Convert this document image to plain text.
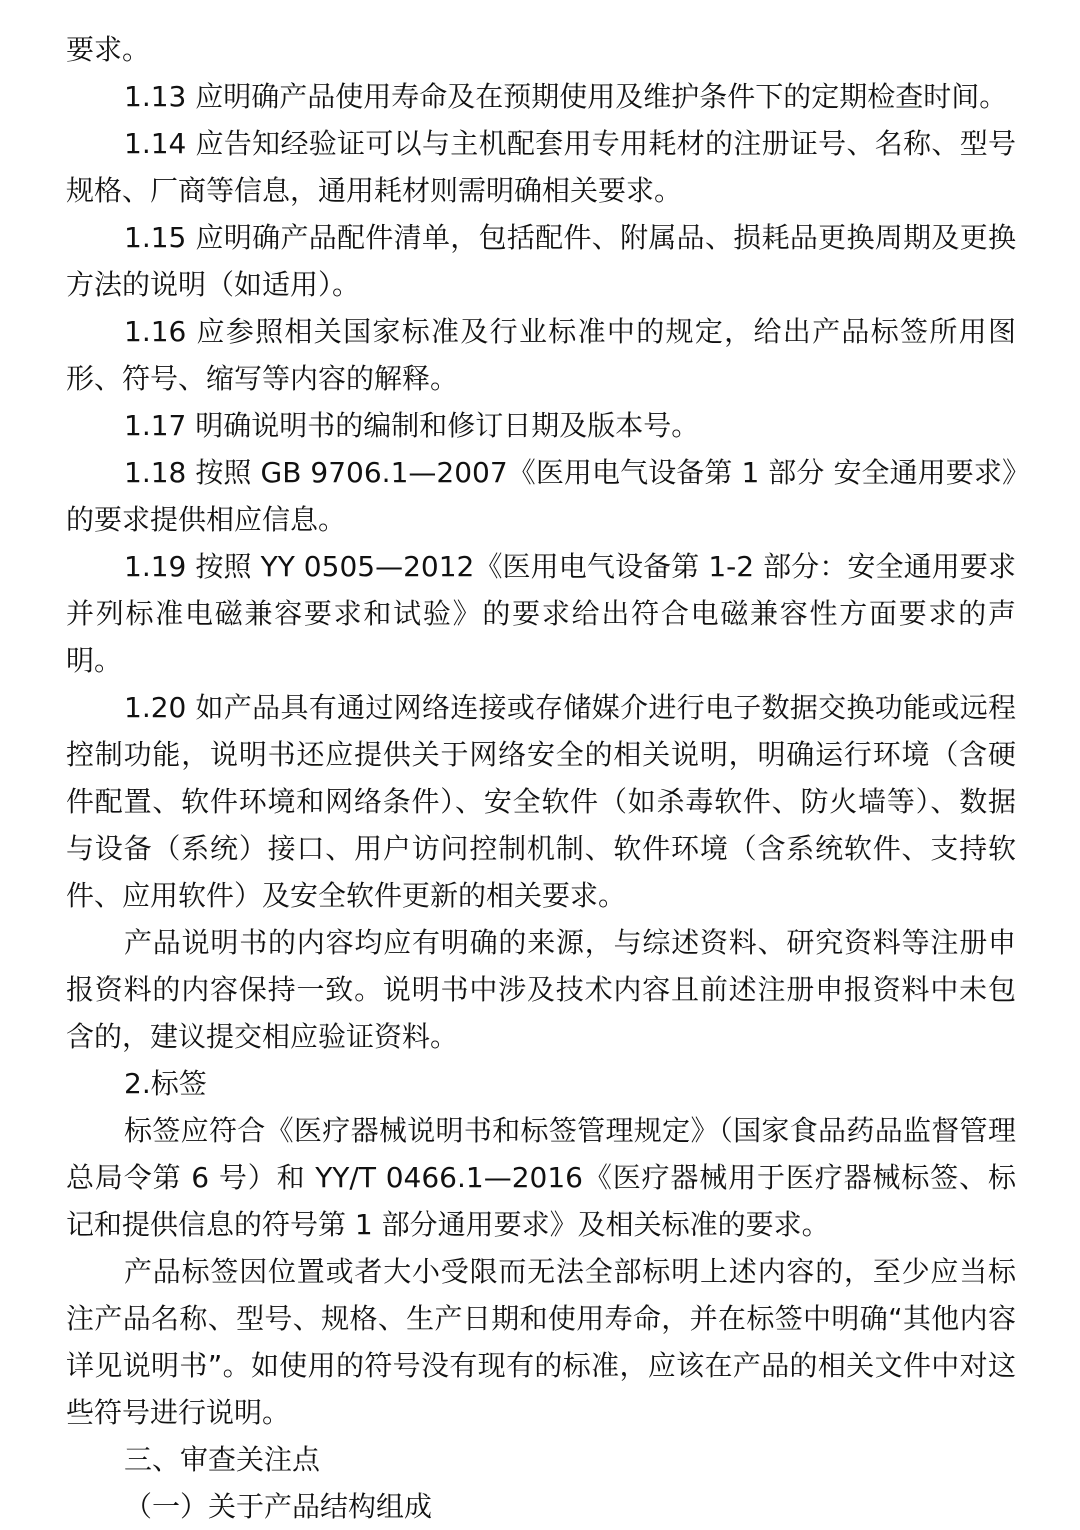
要求。

1.13 应明确产品使用寿命及在预期使用及维护条件下的定期检查时间。

1.14 应告知经验证可以与主机配套用专用耗材的注册证号、名称、型号规格、厂商等信息，通用耗材则需明确相关要求。

1.15 应明确产品配件清单，包括配件、附属品、损耗品更换周期及更换方法的说明（如适用）。

1.16 应参照相关国家标准及行业标准中的规定，给出产品标签所用图形、符号、缩写等内容的解释。

1.17 明确说明书的编制和修订日期及版本号。

1.18 按照 GB 9706.1—2007《医用电气设备第 1 部分 安全通用要求》的要求提供相应信息。

1.19 按照 YY 0505—2012《医用电气设备第 1-2 部分：安全通用要求并列标准电磁兼容要求和试验》的要求给出符合电磁兼容性方面要求的声明。

1.20 如产品具有通过网络连接或存储媒介进行电子数据交换功能或远程控制功能，说明书还应提供关于网络安全的相关说明，明确运行环境（含硬件配置、软件环境和网络条件）、安全软件（如杀毒软件、防火墙等）、数据与设备（系统）接口、用户访问控制机制、软件环境（含系统软件、支持软件、应用软件）及安全软件更新的相关要求。

产品说明书的内容均应有明确的来源，与综述资料、研究资料等注册申报资料的内容保持一致。说明书中涉及技术内容且前述注册申报资料中未包含的，建议提交相应验证资料。

2.标签

标签应符合《医疗器械说明书和标签管理规定》（国家食品药品监督管理总局令第 6 号）和 YY/T 0466.1—2016《医疗器械用于医疗器械标签、标记和提供信息的符号第 1 部分通用要求》及相关标准的要求。

产品标签因位置或者大小受限而无法全部标明上述内容的，至少应当标注产品名称、型号、规格、生产日期和使用寿命，并在标签中明确“其他内容详见说明书”。如使用的符号没有现有的标准，应该在产品的相关文件中对这些符号进行说明。

三、审查关注点

（一）关于产品结构组成
